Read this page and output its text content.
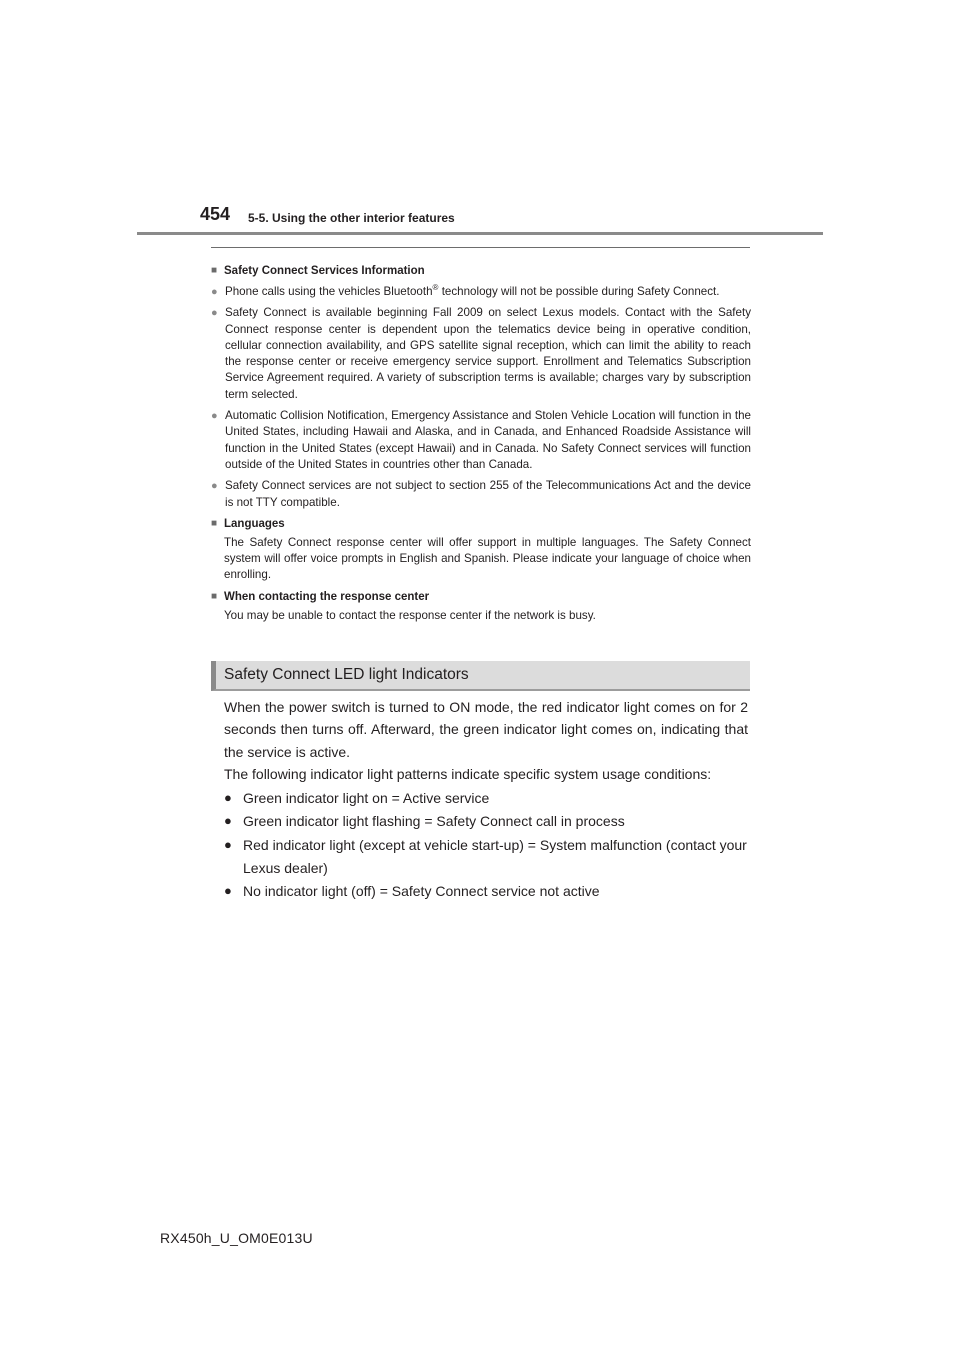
454 5-5. Using the other interior features
■ Safety Connect Services Information
● Phone calls using the vehicles Bluetooth® technology will not be possible during Safety Connect.
● Safety Connect is available beginning Fall 2009 on select Lexus models. Contact with the Safety Connect response center is dependent upon the telematics device being in operative condition, cellular connection availability, and GPS satellite signal reception, which can limit the ability to reach the response center or receive emergency service support. Enrollment and Telematics Subscription Service Agreement required. A variety of subscription terms is available; charges vary by subscription term selected.
● Automatic Collision Notification, Emergency Assistance and Stolen Vehicle Location will function in the United States, including Hawaii and Alaska, and in Canada, and Enhanced Roadside Assistance will function in the United States (except Hawaii) and in Canada. No Safety Connect services will function outside of the United States in countries other than Canada.
● Safety Connect services are not subject to section 255 of the Telecommunications Act and the device is not TTY compatible.
■ Languages
The Safety Connect response center will offer support in multiple languages. The Safety Connect system will offer voice prompts in English and Spanish. Please indicate your language of choice when enrolling.
■ When contacting the response center
You may be unable to contact the response center if the network is busy.
Safety Connect LED light Indicators

When the power switch is turned to ON mode, the red indicator light comes on for 2 seconds then turns off. Afterward, the green indicator light comes on, indicating that the service is active.

The following indicator light patterns indicate specific system usage conditions:

● Green indicator light on = Active service
● Green indicator light flashing = Safety Connect call in process
● Red indicator light (except at vehicle start-up) = System malfunction (contact your Lexus dealer)
● No indicator light (off) = Safety Connect service not active
RX450h_U_OM0E013U
